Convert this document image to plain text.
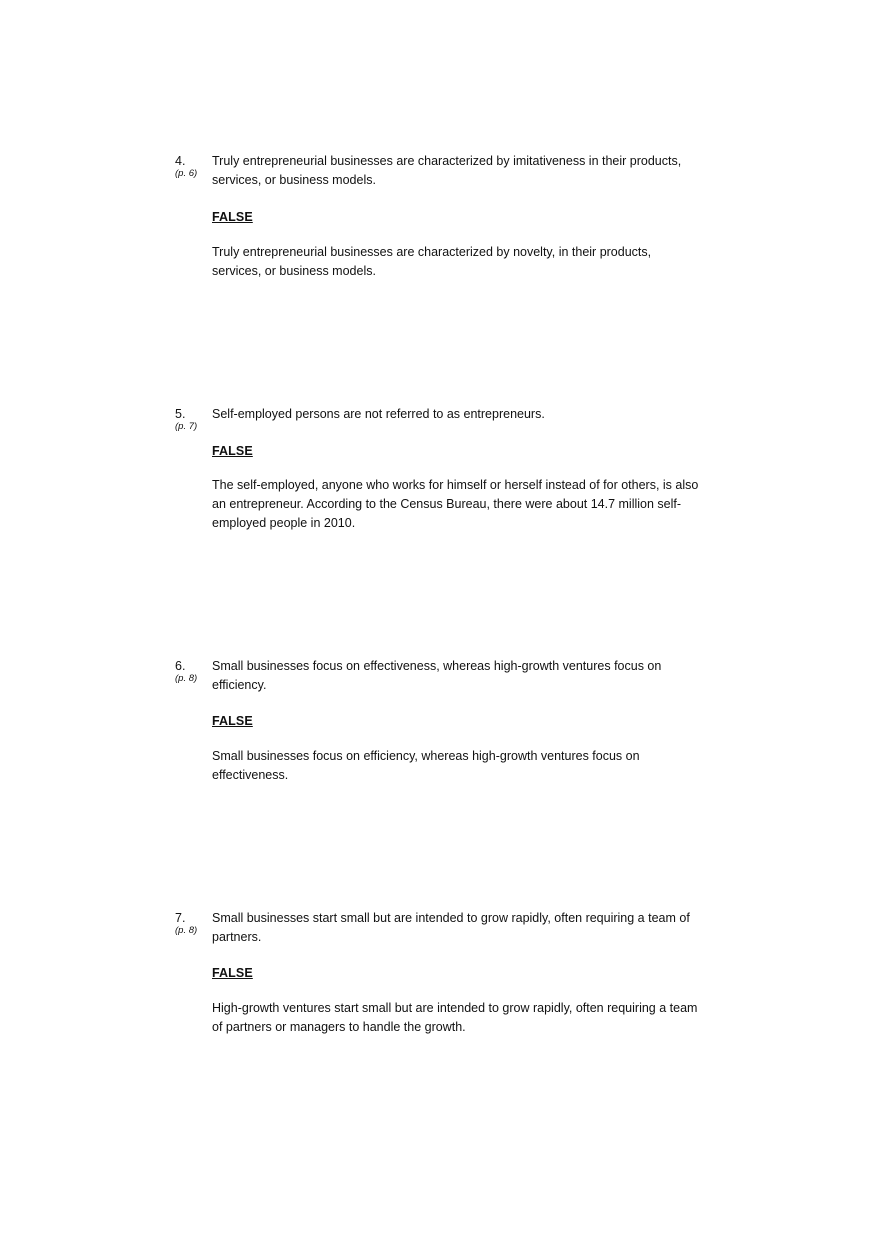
4.
(p. 6)
Truly entrepreneurial businesses are characterized by imitativeness in their products, services, or business models.
FALSE
Truly entrepreneurial businesses are characterized by novelty, in their products, services, or business models.
5.
(p. 7)
Self-employed persons are not referred to as entrepreneurs.
FALSE
The self-employed, anyone who works for himself or herself instead of for others, is also an entrepreneur. According to the Census Bureau, there were about 14.7 million self-employed people in 2010.
6.
(p. 8)
Small businesses focus on effectiveness, whereas high-growth ventures focus on efficiency.
FALSE
Small businesses focus on efficiency, whereas high-growth ventures focus on effectiveness.
7.
(p. 8)
Small businesses start small but are intended to grow rapidly, often requiring a team of partners.
FALSE
High-growth ventures start small but are intended to grow rapidly, often requiring a team of partners or managers to handle the growth.
